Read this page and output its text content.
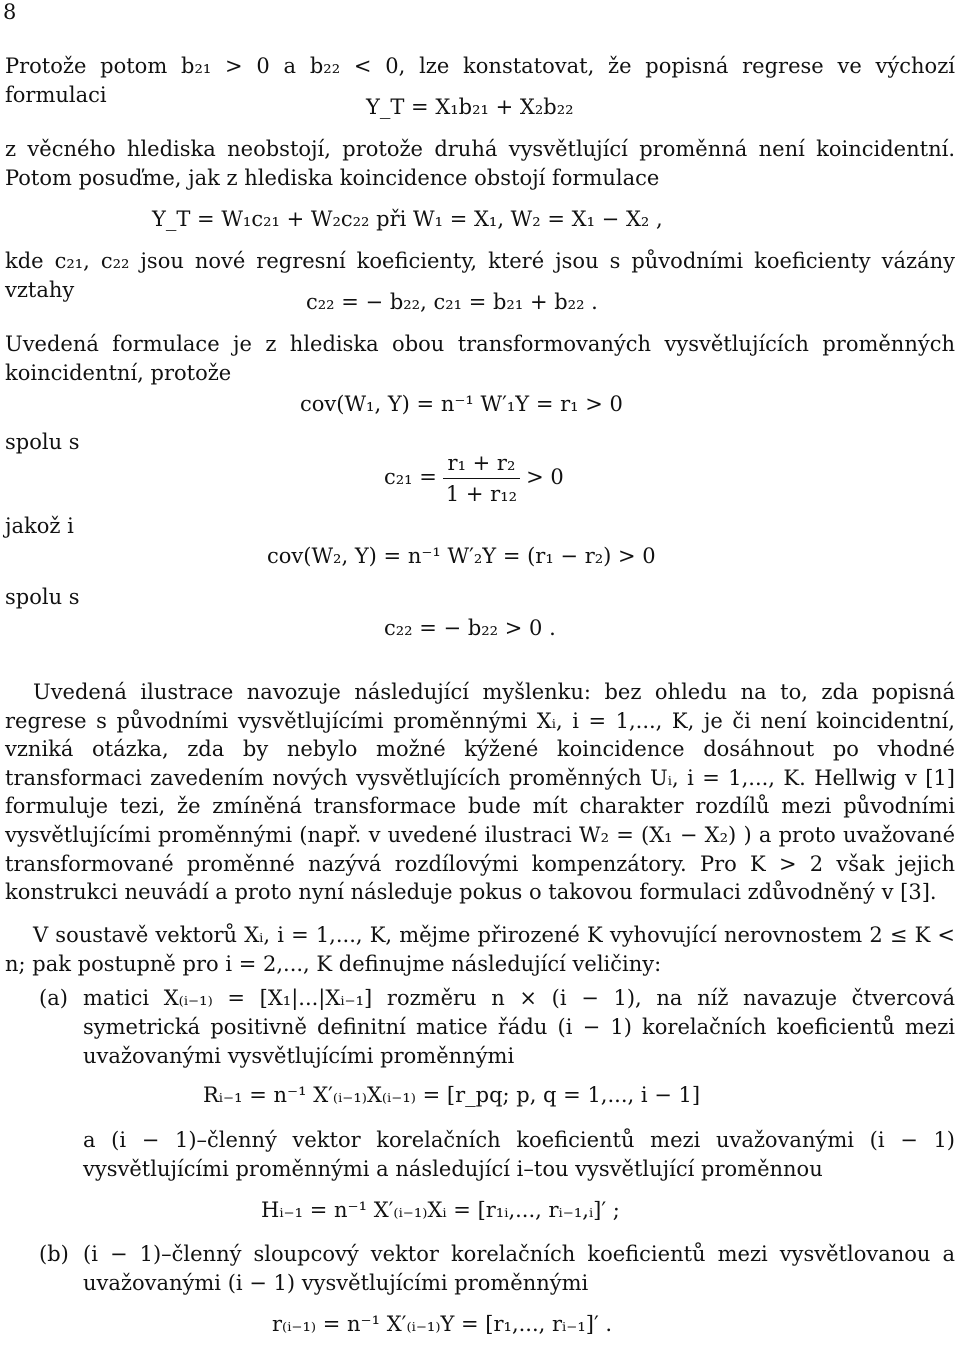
8
Protože potom b₂₁ > 0 a b₂₂ < 0, lze konstatovat, že popisná regrese ve výchozí formulaci
Y_T = X₁b₂₁ + X₂b₂₂
z věcného hlediska neobstojí, protože druhá vysvětlující proměnná není koincidentní. Potom posuďme, jak z hlediska koincidence obstojí formulace
Y_T = W₁c₂₁ + W₂c₂₂ při W₁ = X₁, W₂ = X₁ − X₂ ,
kde c₂₁, c₂₂ jsou nové regresní koeficienty, které jsou s původními koeficienty vázány vztahy
c₂₂ = − b₂₂, c₂₁ = b₂₁ + b₂₂ .
Uvedená formulace je z hlediska obou transformovaných vysvětlujících proměnných koincidentní, protože
cov(W₁, Y) = n⁻¹ W′₁Y = r₁ > 0
spolu s
$c_{21} = \frac{\text{r₁ + r₂}}{\text{1 + r₁₂}} > 0$
jakož i
cov(W₂, Y) = n⁻¹ W′₂Y = (r₁ − r₂) > 0
spolu s
c₂₂ = − b₂₂ > 0 .
Uvedená ilustrace navozuje následující myšlenku: bez ohledu na to, zda popisná regrese s původními vysvětlujícími proměnnými Xᵢ, i = 1,..., K, je či není koincidentní, vzniká otázka, zda by nebylo možné kýžené koincidence dosáhnout po vhodné transformaci zavedením nových vysvětlujících proměnných Uᵢ, i = 1,..., K. Hellwig v [1] formuluje tezi, že zmíněná transformace bude mít charakter rozdílů mezi původními vysvětlujícími proměnnými (např. v uvedené ilustraci W₂ = (X₁ − X₂) ) a proto uvažované transformované proměnné nazývá rozdílovými kompenzátory. Pro K > 2 však jejich konstrukci neuvádí a proto nyní následuje pokus o takovou formulaci zdůvodněný v [3].
V soustavě vektorů Xᵢ, i = 1,..., K, mějme přirozené K vyhovující nerovnostem 2 ≤ K < n; pak postupně pro i = 2,..., K definujme následující veličiny:
(a) matici X₍ᵢ₋₁₎ = [X₁|...|Xᵢ₋₁] rozměru n × (i − 1), na níž navazuje čtvercová symetrická positivně definitní matice řádu (i − 1) korelačních koeficientů mezi uvažovanými vysvětlujícími proměnnými
Rᵢ₋₁ = n⁻¹ X′₍ᵢ₋₁₎X₍ᵢ₋₁₎ = [r_pq; p, q = 1,..., i − 1]
a (i − 1)–členný vektor korelačních koeficientů mezi uvažovanými (i − 1) vysvětlujícími proměnnými a následující i–tou vysvětlující proměnnou
Hᵢ₋₁ = n⁻¹ X′₍ᵢ₋₁₎Xᵢ = [r₁ᵢ,..., rᵢ₋₁,ᵢ]′ ;
(b) (i − 1)–členný sloupcový vektor korelačních koeficientů mezi vysvětlovanou a uvažovanými (i − 1) vysvětlujícími proměnnými
r₍ᵢ₋₁₎ = n⁻¹ X′₍ᵢ₋₁₎Y = [r₁,..., rᵢ₋₁]′ .
